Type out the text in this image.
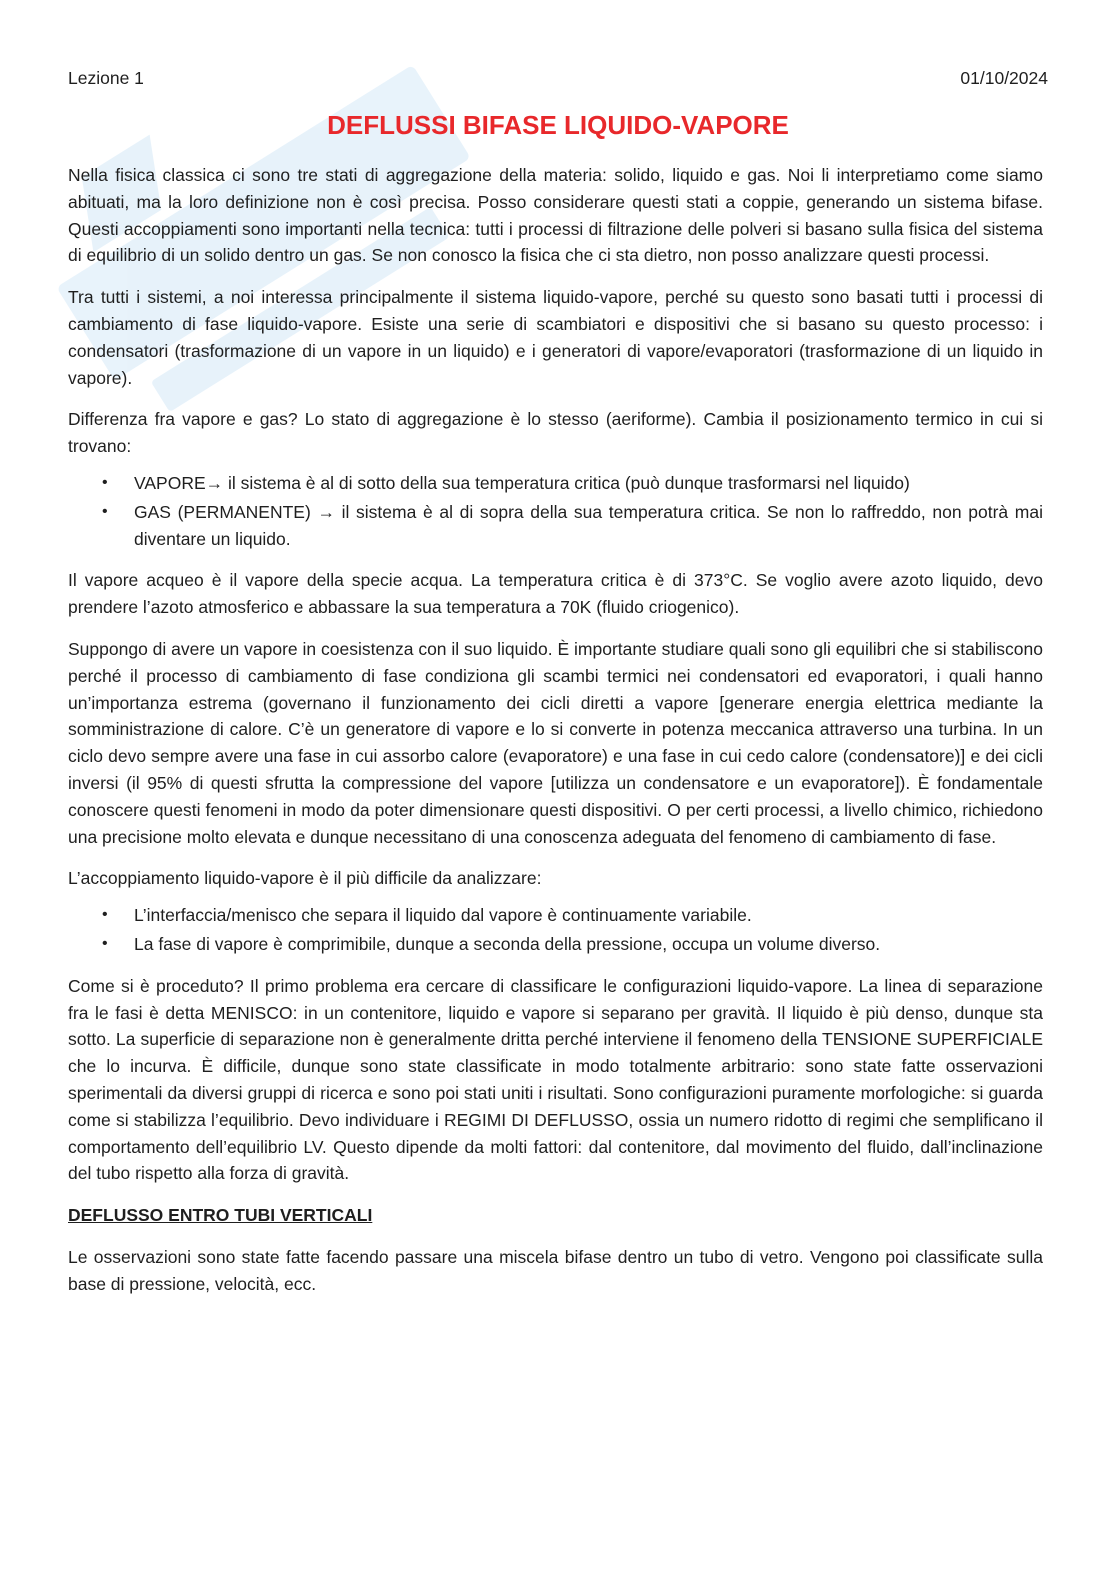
Lezione 1	01/10/2024
DEFLUSSI BIFASE LIQUIDO-VAPORE

Nella fisica classica ci sono tre stati di aggregazione della materia: solido, liquido e gas. Noi li interpretiamo come siamo abituati, ma la loro definizione non è così precisa. Posso considerare questi stati a coppie, generando un sistema bifase. Questi accoppiamenti sono importanti nella tecnica: tutti i processi di filtrazione delle polveri si basano sulla fisica del sistema di equilibrio di un solido dentro un gas. Se non conosco la fisica che ci sta dietro, non posso analizzare questi processi.

Tra tutti i sistemi, a noi interessa principalmente il sistema liquido-vapore, perché su questo sono basati tutti i processi di cambiamento di fase liquido-vapore. Esiste una serie di scambiatori e dispositivi che si basano su questo processo: i condensatori (trasformazione di un vapore in un liquido) e i generatori di vapore/evaporatori (trasformazione di un liquido in vapore).

Differenza fra vapore e gas? Lo stato di aggregazione è lo stesso (aeriforme). Cambia il posizionamento termico in cui si trovano:

• VAPORE→ il sistema è al di sotto della sua temperatura critica (può dunque trasformarsi nel liquido)
• GAS (PERMANENTE) → il sistema è al di sopra della sua temperatura critica. Se non lo raffreddo, non potrà mai diventare un liquido.

Il vapore acqueo è il vapore della specie acqua. La temperatura critica è di 373°C. Se voglio avere azoto liquido, devo prendere l’azoto atmosferico e abbassare la sua temperatura a 70K (fluido criogenico).

Suppongo di avere un vapore in coesistenza con il suo liquido. È importante studiare quali sono gli equilibri che si stabiliscono perché il processo di cambiamento di fase condiziona gli scambi termici nei condensatori ed evaporatori, i quali hanno un’importanza estrema (governano il funzionamento dei cicli diretti a vapore [generare energia elettrica mediante la somministrazione di calore. C’è un generatore di vapore e lo si converte in potenza meccanica attraverso una turbina. In un ciclo devo sempre avere una fase in cui assorbo calore (evaporatore) e una fase in cui cedo calore (condensatore)] e dei cicli inversi (il 95% di questi sfrutta la compressione del vapore [utilizza un condensatore e un evaporatore]). È fondamentale conoscere questi fenomeni in modo da poter dimensionare questi dispositivi. O per certi processi, a livello chimico, richiedono una precisione molto elevata e dunque necessitano di una conoscenza adeguata del fenomeno di cambiamento di fase.

L’accoppiamento liquido-vapore è il più difficile da analizzare:

• L’interfaccia/menisco che separa il liquido dal vapore è continuamente variabile.
• La fase di vapore è comprimibile, dunque a seconda della pressione, occupa un volume diverso.

Come si è proceduto? Il primo problema era cercare di classificare le configurazioni liquido-vapore. La linea di separazione fra le fasi è detta MENISCO: in un contenitore, liquido e vapore si separano per gravità. Il liquido è più denso, dunque sta sotto. La superficie di separazione non è generalmente dritta perché interviene il fenomeno della TENSIONE SUPERFICIALE che lo incurva. È difficile, dunque sono state classificate in modo totalmente arbitrario: sono state fatte osservazioni sperimentali da diversi gruppi di ricerca e sono poi stati uniti i risultati. Sono configurazioni puramente morfologiche: si guarda come si stabilizza l’equilibrio. Devo individuare i REGIMI DI DEFLUSSO, ossia un numero ridotto di regimi che semplificano il comportamento dell’equilibrio LV. Questo dipende da molti fattori: dal contenitore, dal movimento del fluido, dall’inclinazione del tubo rispetto alla forza di gravità.

DEFLUSSO ENTRO TUBI VERTICALI

Le osservazioni sono state fatte facendo passare una miscela bifase dentro un tubo di vetro. Vengono poi classificate sulla base di pressione, velocità, ecc.
